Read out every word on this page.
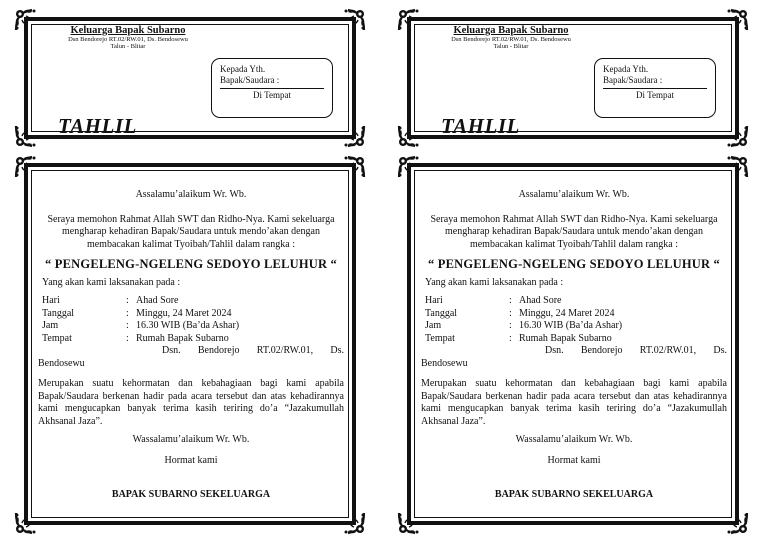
Keluarga Bapak Subarno
Dsn Bendorejo RT.02/RW.01, Ds. Bendosewu
Talun - Blitar
Kepada Yth.
Bapak/Saudara :
Di Tempat
TAHLIL

Assalamu’alaikum Wr. Wb.

Seraya memohon Rahmat Allah SWT dan Ridho-Nya. Kami sekeluarga mengharap kehadiran Bapak/Saudara untuk mendo’akan dengan membacakan kalimat Tyoibah/Tahlil dalam rangka :

“ PENGELENG-NGELENG SEDOYO LELUHUR “

Yang akan kami laksanakan pada :

Hari	: Ahad Sore
Tanggal	: Minggu, 24 Maret 2024
Jam	: 16.30 WIB (Ba’da Ashar)
Tempat	: Rumah Bapak Subarno

Dsn. Bendorejo RT.02/RW.01, Ds.

Bendosewu

Merupakan suatu kehormatan dan kebahagiaan bagi kami apabila Bapak/Saudara berkenan hadir pada acara tersebut dan atas kehadirannya kami mengucapkan banyak terima kasih teriring do’a “Jazakumullah Akhsanal Jaza”.

Wassalamu’alaikum Wr. Wb.

Hormat kami

BAPAK SUBARNO SEKELUARGA

Keluarga Bapak Subarno
Dsn Bendorejo RT.02/RW.01, Ds. Bendosewu
Talun - Blitar
Kepada Yth.
Bapak/Saudara :
Di Tempat
TAHLIL

Assalamu’alaikum Wr. Wb.

Seraya memohon Rahmat Allah SWT dan Ridho-Nya. Kami sekeluarga mengharap kehadiran Bapak/Saudara untuk mendo’akan dengan membacakan kalimat Tyoibah/Tahlil dalam rangka :

“ PENGELENG-NGELENG SEDOYO LELUHUR “

Yang akan kami laksanakan pada :

Hari	: Ahad Sore
Tanggal	: Minggu, 24 Maret 2024
Jam	: 16.30 WIB (Ba’da Ashar)
Tempat	: Rumah Bapak Subarno

Dsn. Bendorejo RT.02/RW.01, Ds.

Bendosewu

Merupakan suatu kehormatan dan kebahagiaan bagi kami apabila Bapak/Saudara berkenan hadir pada acara tersebut dan atas kehadirannya kami mengucapkan banyak terima kasih teriring do’a “Jazakumullah Akhsanal Jaza”.

Wassalamu’alaikum Wr. Wb.

Hormat kami

BAPAK SUBARNO SEKELUARGA
